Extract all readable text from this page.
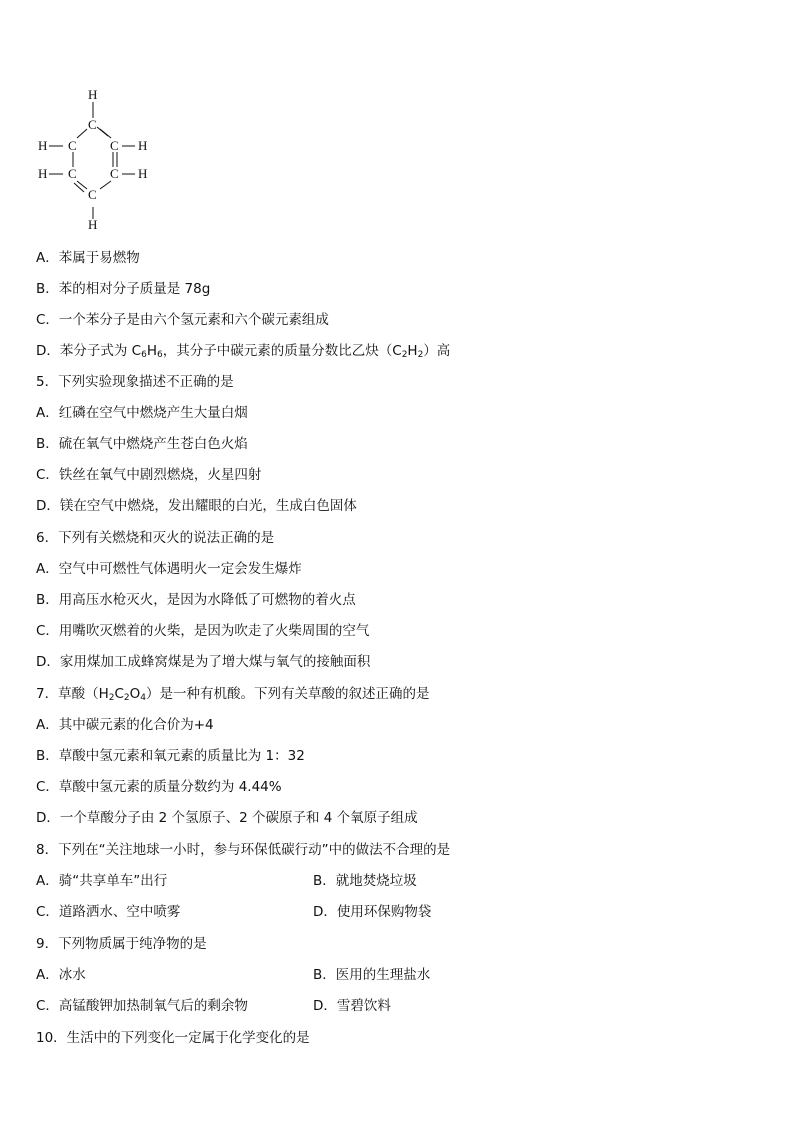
H
C
C	C
C	C
C
H
H
H
H
H
A．苯属于易燃物
B．苯的相对分子质量是 78g
C．一个苯分子是由六个氢元素和六个碳元素组成
D．苯分子式为 $C_6H_6$，其分子中碳元素的质量分数比乙炔$(C_2H_2)$高
5．下列实验现象描述不正确的是
A．红磷在空气中燃烧产生大量白烟
B．硫在氧气中燃烧产生苍白色火焰
C．铁丝在氧气中剧烈燃烧，火星四射
D．镁在空气中燃烧，发出耀眼的白光，生成白色固体
6．下列有关燃烧和灭火的说法正确的是
A．空气中可燃性气体遇明火一定会发生爆炸
B．用高压水枪灭火，是因为水降低了可燃物的着火点
C．用嘴吹灭燃着的火柴，是因为吹走了火柴周围的空气
D．家用煤加工成蜂窝煤是为了增大煤与氧气的接触面积
7．草酸$(H_2C_2O_4)$是一种有机酸。下列有关草酸的叙述正确的是
A．其中碳元素的化合价为+4
B．草酸中氢元素和氧元素的质量比为 1：32
C．草酸中氢元素的质量分数约为 4.44%
D．一个草酸分子由 2 个氢原子、2 个碳原子和 4 个氧原子组成
8．下列在“关注地球一小时，参与环保低碳行动”中的做法不合理的是
A．骑“共享单车”出行	B．就地焚烧垃圾
C．道路洒水、空中喷雾	D．使用环保购物袋
9．下列物质属于纯净物的是
A．冰水	B．医用的生理盐水
C．高锰酸钾加热制氧气后的剩余物	D．雪碧饮料
10．生活中的下列变化一定属于化学变化的是
